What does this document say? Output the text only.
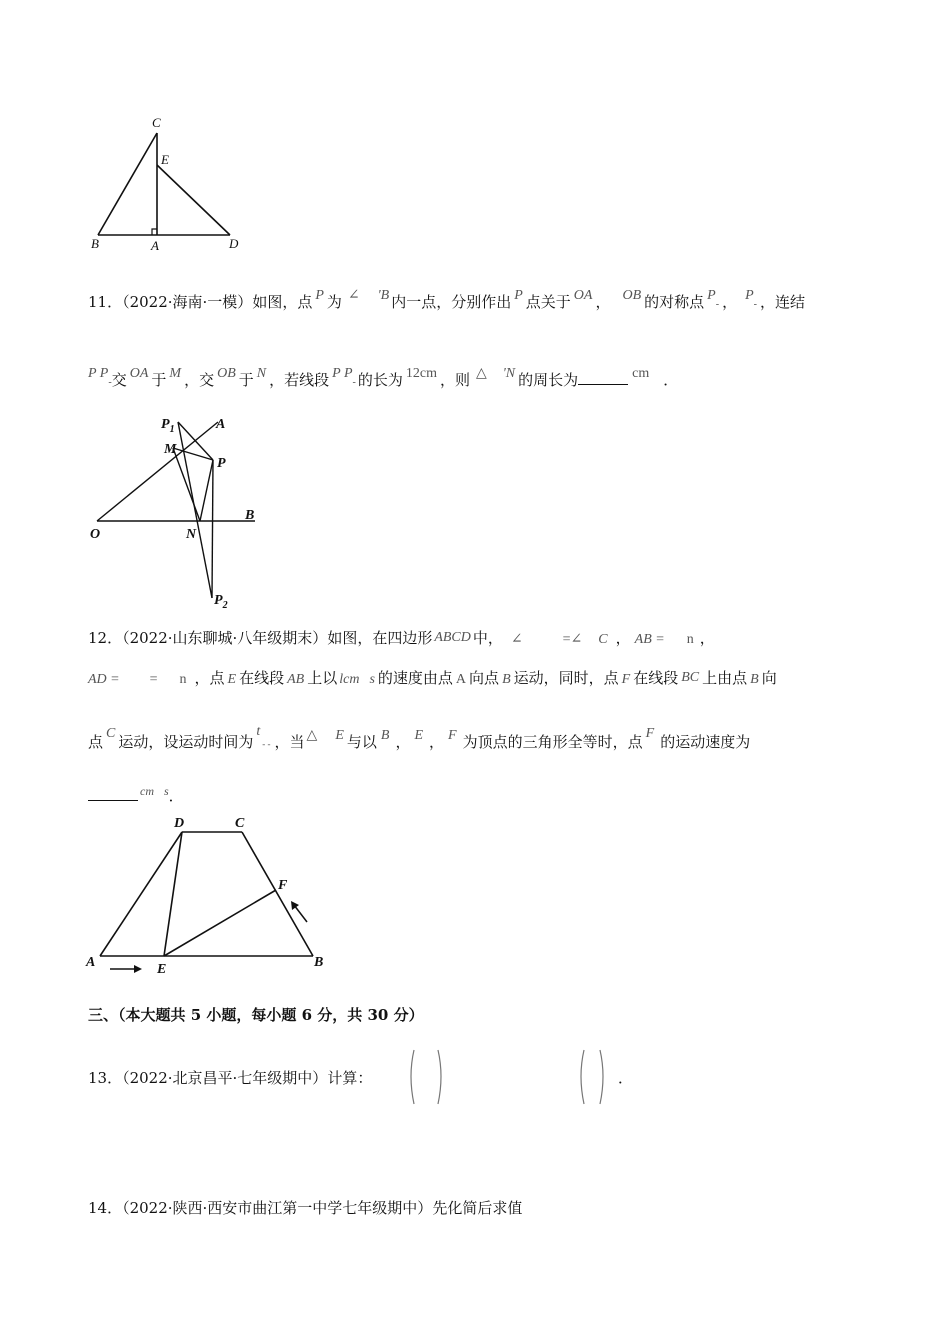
C
E
B	A	D
11．（2022·海南·一模）如图，点 P 为 ∠ 'B 内一点，分别作出 P 点关于 OA ， OB 的对称点 P- ， P- ，连结
P P-交 OA 于 M ，交 OB 于 N ，若线段 P P- 的长为 12cm ，则 △ 'N 的周长为	cm ．
$P_1$	A
M
P
O	N
B
$P_2$
12．（2022·山东聊城·八年级期末）如图，在四边形 ABCD 中， ∠	=∠ C ， AB = n ，
AD = = n ，点 E 在线段 AB 上以 lcm s 的速度由点 A 向点 B 运动，同时，点 F 在线段 BC 上由点 B 向
点 C 运动，设运动时间为t- - ，当 △ E 与以 B ， E ， F 为顶点的三角形全等时，点 F 的运动速度为
$^{cm}$ $^s$．
D	C
F
A	E	B
三、（本大题共 5 小题，每小题 6 分，共 30 分）
13．（2022·北京昌平·七年级期中）计算：	．
14．（2022·陕西·西安市曲江第一中学七年级期中）先化简后求值
